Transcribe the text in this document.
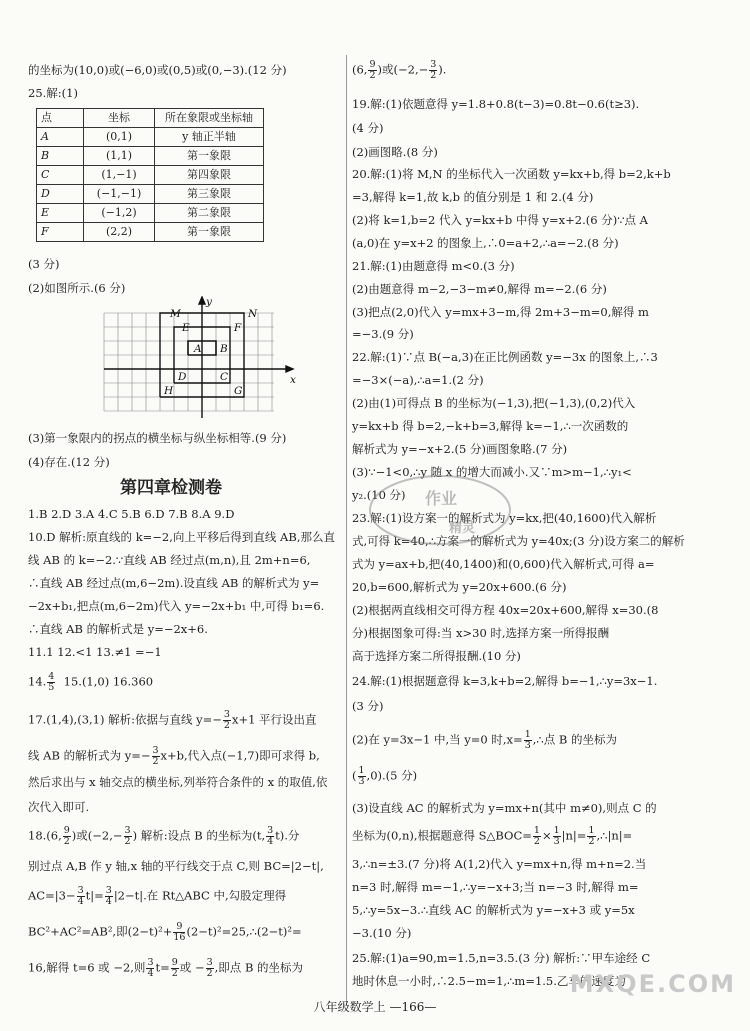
的坐标为(10,0)或(−6,0)或(0,5)或(0,−3).(12 分)
25.解:(1)
点	坐标	所在象限或坐标轴
A	(0,1)	y 轴正半轴
B	(1,1)	第一象限
C	(1,−1)	第四象限
D	(−1,−1)	第三象限
E	(−1,2)	第二象限
F	(2,2)	第一象限
(3 分)
(2)如图所示.(6 分)
y
x
M	N
E
A B
F
D	C
H	G
(3)第一象限内的拐点的横坐标与纵坐标相等.(9 分)
(4)存在.(12 分)
第四章检测卷
1.B 2.D 3.A 4.C 5.B 6.D 7.B 8.A 9.D
10.D 解析:原直线的 k=−2,向上平移后得到直线 AB,那么直
线 AB 的 k=−2.∵直线 AB 经过点(m,n),且 2m+n=6,
∴直线 AB 经过点(m,6−2m).设直线 AB 的解析式为 y=
−2x+b₁,把点(m,6−2m)代入 y=−2x+b₁ 中,可得 b₁=6.
∴直线 AB 的解析式是 y=−2x+6.
11.1 12.<1 13.≠1 =−1
14. $\frac{4}{5} 15.(1,0)$ 16.360
17.(1,4),(3,1) 解析:依据与直线 $y=- \frac{3}{2} x+1$ 平行设出直
线 AB 的解析式为 $y=- \frac{3}{2} x+b$,代入点(−1,7)即可求得 b,
然后求出与 x 轴交点的横坐标,列举符合条件的 x 的取值,依
次代入即可.
18.(6, $\frac{9}{2}$ )或($-2,- \frac{3}{2}$ ) 解析:设点 B 的坐标为(t, $\frac{3}{4} t$).分
别过点 A,B 作 y 轴,x 轴的平行线交于点 C,则 BC=|2−t|,
$AC=|3- \frac{3}{4} t|= \frac{3}{4} |2-t|$.在 Rt△ABC 中,勾股定理得
BC²+AC²=AB²,即$(2-t)^2+ \frac{9}{16}$ (2−t)²=25,∴(2−t)²=
16,解得 t=6 或 −2,则 $\frac{3}{4} t= \frac{9}{2}$ 或 − $\frac{3}{2}$ ,即点 B 的坐标为
(6, $\frac{9}{2}$ )或($-2,- \frac{3}{2}$ ).
19.解:(1)依题意得 y=1.8+0.8(t−3)=0.8t−0.6(t≥3).
(4 分)
(2)画图略.(8 分)
20.解:(1)将 M,N 的坐标代入一次函数 y=kx+b,得 b=2,k+b
=3,解得 k=1,故 k,b 的值分别是 1 和 2.(4 分)
(2)将 k=1,b=2 代入 y=kx+b 中得 y=x+2.(6 分)∵点 A
(a,0)在 y=x+2 的图象上,∴0=a+2,∴a=−2.(8 分)
21.解:(1)由题意得 m<0.(3 分)
(2)由题意得 m−2,−3−m≠0,解得 m=−2.(6 分)
(3)把点(2,0)代入 y=mx+3−m,得 2m+3−m=0,解得 m
=−3.(9 分)
22.解:(1)∵点 B(−a,3)在正比例函数 y=−3x 的图象上,∴3
=−3×(−a),∴a=1.(2 分)
(2)由(1)可得点 B 的坐标为(−1,3),把(−1,3),(0,2)代入
y=kx+b 得 b=2,−k+b=3,解得 k=−1,∴一次函数的
解析式为 y=−x+2.(5 分)画图象略.(7 分)
(3)∵−1<0,∴y 随 x 的增大而减小.又∵m>m−1,∴y₁<
y₂.(10 分)
23.解:(1)设方案一的解析式为 y=kx,把(40,1600)代入解析
式,可得 k=40,∴方案一的解析式为 y=40x;(3 分)设方案二的解析
式为 y=ax+b,把(40,1400)和(0,600)代入解析式,可得 a=
20,b=600,解析式为 y=20x+600.(6 分)
(2)根据两直线相交可得方程 40x=20x+600,解得 x=30.(8
分)根据图象可得:当 x>30 时,选择方案一所得报酬
高于选择方案二所得报酬.(10 分)
24.解:(1)根据题意得 k=3,k+b=2,解得 b=−1,∴y=3x−1.
(3 分)
(2)在 y=3x−1 中,当 y=0 时$,x= \frac{1}{3}$ ,∴点 B 的坐标为
( $\frac{1}{3} ,0).(5$ 分)
(3)设直线 AC 的解析式为 y=mx+n(其中 m≠0),则点 C 的
坐标为(0,n),根据题意得 S△BOC= $\frac{1}{2} \times \frac{1}{3} |n|= \frac{1}{2}$ ,∴|n|=
3,∴n=±3.(7 分)将 A(1,2)代入 y=mx+n,得 m+n=2.当
n=3 时,解得 m=−1,∴y=−x+3;当 n=−3 时,解得 m=
5,∴y=5x−3.∴直线 AC 的解析式为 y=−x+3 或 y=5x
−3.(10 分)
25.解:(1)a=90,m=1.5,n=3.5.(3 分) 解析:∵甲车途经 C
地时休息一小时,∴2.5−m=1,∴m=1.5.乙车的速度为
作业
精灵
八年级数学上 —166—
MXQE.COM
